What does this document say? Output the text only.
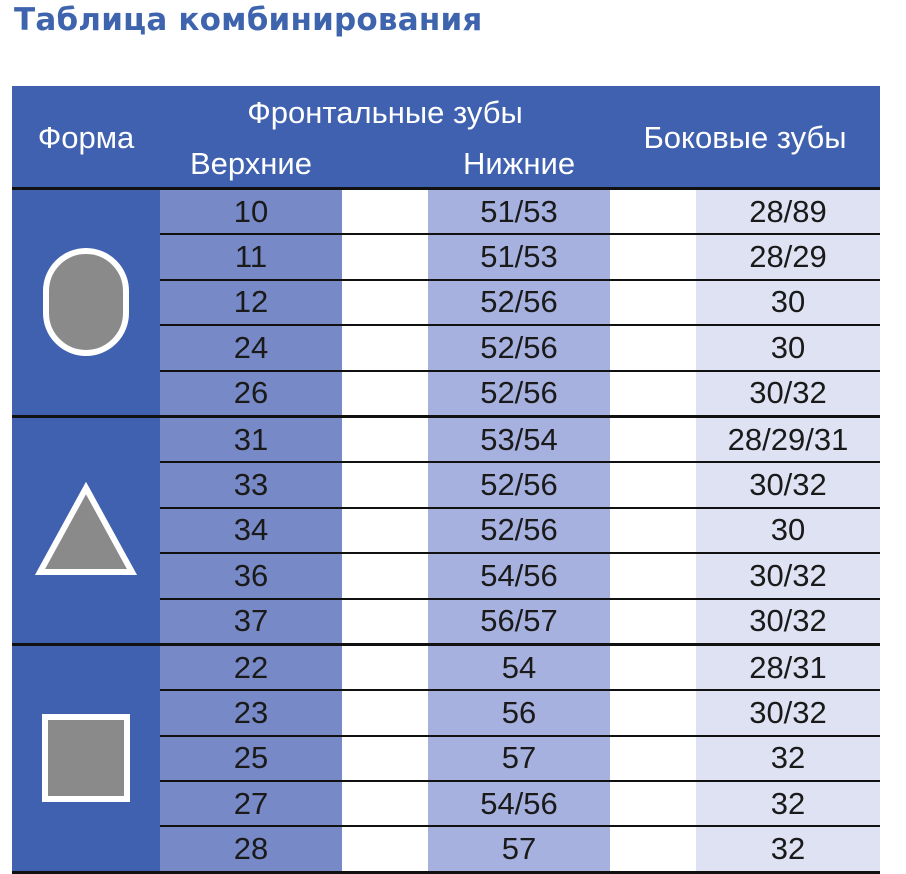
Таблица комбинирования
Форма
Фронтальные зубы
Верхние	Нижние
Боковые зубы
10	51/53	28/89
11	51/53	28/29
12	52/56	30
24	52/56	30
26	52/56	30/32
31	53/54	28/29/31
33	52/56	30/32
34	52/56	30
36	54/56	30/32
37	56/57	30/32
22	54	28/31
23	56	30/32
25	57	32
27	54/56	32
28	57	32
